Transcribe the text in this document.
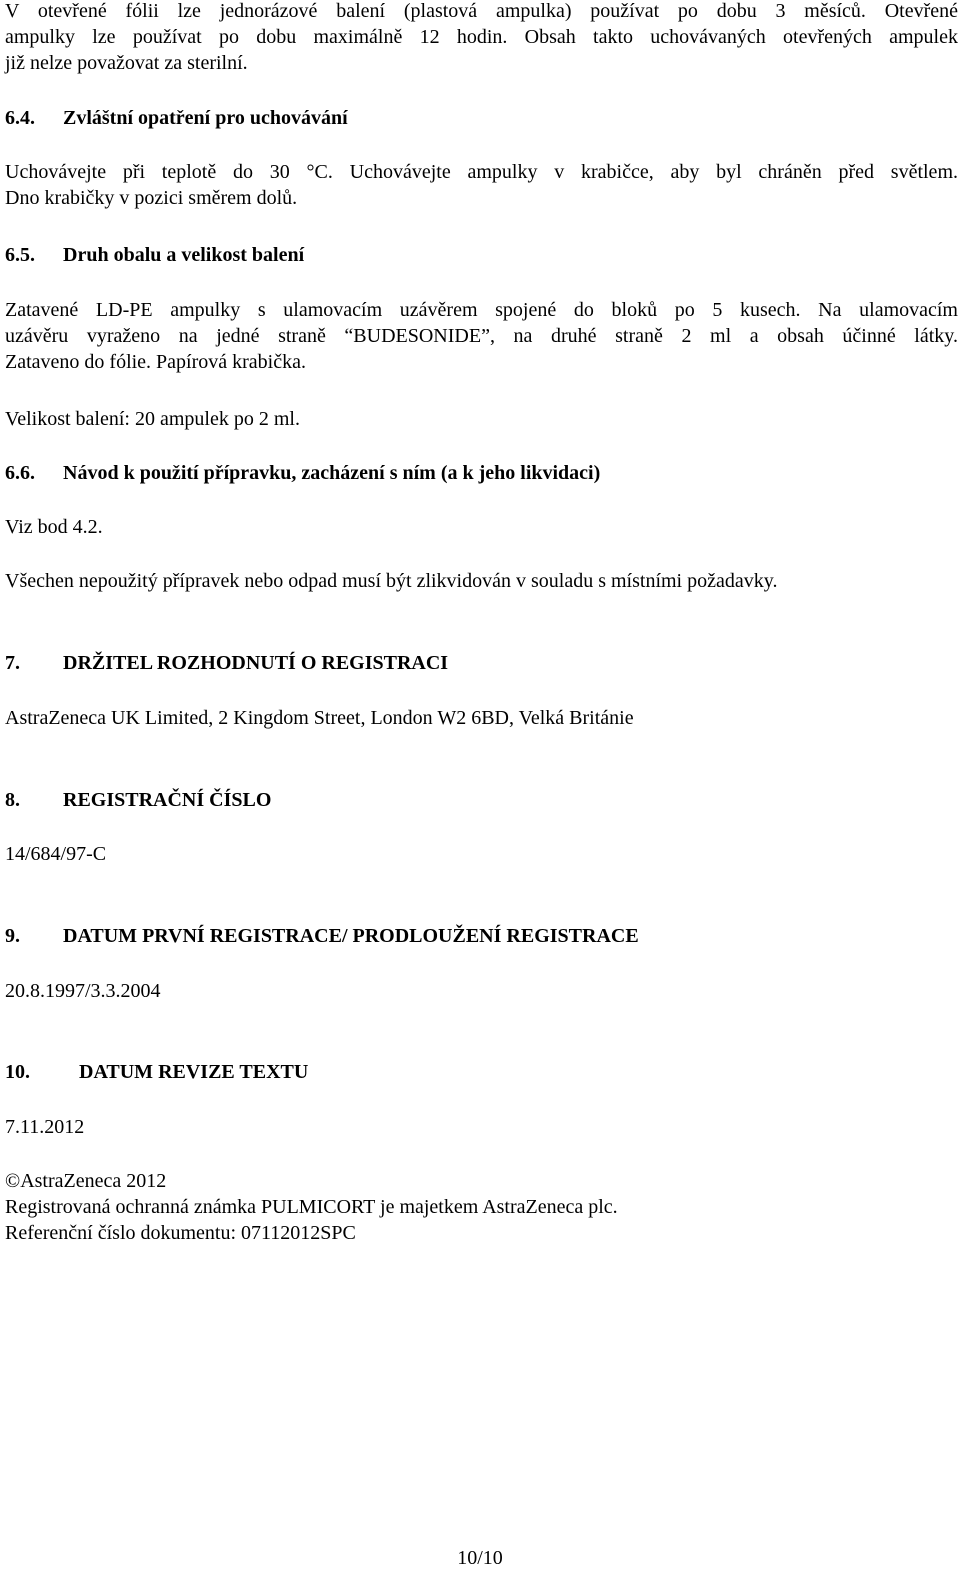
V otevřené fólii lze jednorázové balení (plastová ampulka) používat po dobu 3 měsíců. Otevřené
ampulky lze používat po dobu maximálně 12 hodin. Obsah takto uchovávaných otevřených ampulek
již nelze považovat za sterilní.
6.4.	Zvláštní opatření pro uchovávání
Uchovávejte při teplotě do 30 °C. Uchovávejte ampulky v krabičce, aby byl chráněn před světlem.
Dno krabičky v pozici směrem dolů.
6.5.	Druh obalu a velikost balení
Zatavené LD-PE ampulky s ulamovacím uzávěrem spojené do bloků po 5 kusech. Na ulamovacím
uzávěru vyraženo na jedné straně “BUDESONIDE”, na druhé straně 2 ml a obsah účinné látky.
Zataveno do fólie. Papírová krabička.
Velikost balení: 20 ampulek po 2 ml.
6.6.	Návod k použití přípravku, zacházení s ním (a k jeho likvidaci)
Viz bod 4.2.
Všechen nepoužitý přípravek nebo odpad musí být zlikvidován v souladu s místními požadavky.
7.	DRŽITEL ROZHODNUTÍ O REGISTRACI
AstraZeneca UK Limited, 2 Kingdom Street, London W2 6BD, Velká Británie
8.	REGISTRAČNÍ ČÍSLO
14/684/97-C
9.	DATUM PRVNÍ REGISTRACE/ PRODLOUŽENÍ REGISTRACE
20.8.1997/3.3.2004
10.	DATUM REVIZE TEXTU
7.11.2012
©AstraZeneca 2012
Registrovaná ochranná známka PULMICORT je majetkem AstraZeneca plc.
Referenční číslo dokumentu: 07112012SPC
10/10
